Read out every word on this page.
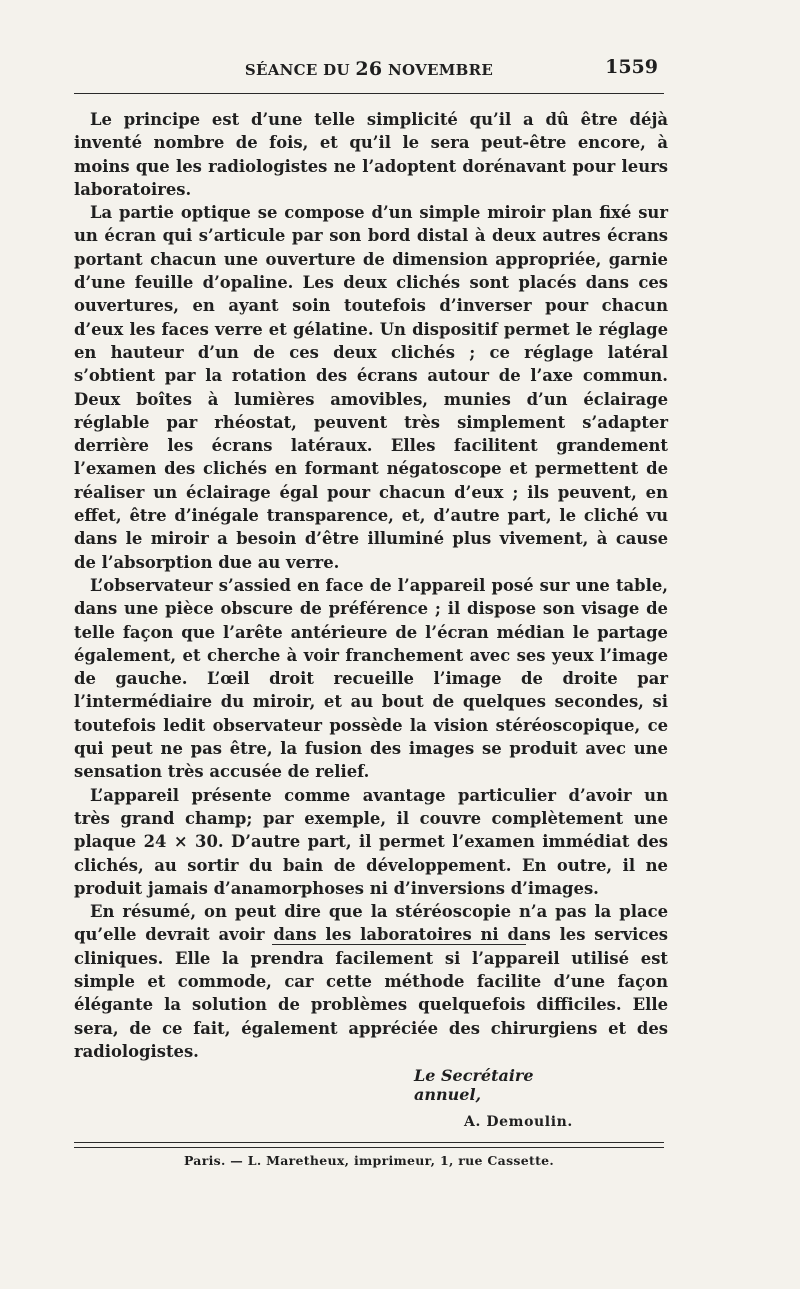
SÉANCE DU 26 NOVEMBRE	1559

Le principe est d’une telle simplicité qu’il a dû être déjà inventé nombre de fois, et qu’il le sera peut-être encore, à moins que les radiologistes ne l’adoptent dorénavant pour leurs laboratoires.

La partie optique se compose d’un simple miroir plan fixé sur un écran qui s’articule par son bord distal à deux autres écrans portant chacun une ouverture de dimension appropriée, garnie d’une feuille d’opaline. Les deux clichés sont placés dans ces ouvertures, en ayant soin toutefois d’inverser pour chacun d’eux les faces verre et gélatine. Un dispositif permet le réglage en hauteur d’un de ces deux clichés ; ce réglage latéral s’obtient par la rotation des écrans autour de l’axe commun. Deux boîtes à lumières amovibles, munies d’un éclairage réglable par rhéostat, peuvent très simplement s’adapter derrière les écrans latéraux. Elles facilitent grandement l’examen des clichés en formant négatoscope et permettent de réaliser un éclairage égal pour chacun d’eux ; ils peuvent, en effet, être d’inégale transparence, et, d’autre part, le cliché vu dans le miroir a besoin d’être illuminé plus vivement, à cause de l’absorption due au verre.

L’observateur s’assied en face de l’appareil posé sur une table, dans une pièce obscure de préférence ; il dispose son visage de telle façon que l’arête antérieure de l’écran médian le partage également, et cherche à voir franchement avec ses yeux l’image de gauche. L’œil droit recueille l’image de droite par l’intermédiaire du miroir, et au bout de quelques secondes, si toutefois ledit observateur possède la vision stéréoscopique, ce qui peut ne pas être, la fusion des images se produit avec une sensation très accusée de relief.

L’appareil présente comme avantage particulier d’avoir un très grand champ; par exemple, il couvre complètement une plaque 24 × 30. D’autre part, il permet l’examen immédiat des clichés, au sortir du bain de développement. En outre, il ne produit jamais d’anamorphoses ni d’inversions d’images.

En résumé, on peut dire que la stéréoscopie n’a pas la place qu’elle devrait avoir dans les laboratoires ni dans les services cliniques. Elle la prendra facilement si l’appareil utilisé est simple et commode, car cette méthode facilite d’une façon élégante la solution de problèmes quelquefois difficiles. Elle sera, de ce fait, également appréciée des chirurgiens et des radiologistes.

Le Secrétaire annuel,
A. Demoulin.
Paris. — L. Maretheux, imprimeur, 1, rue Cassette.
